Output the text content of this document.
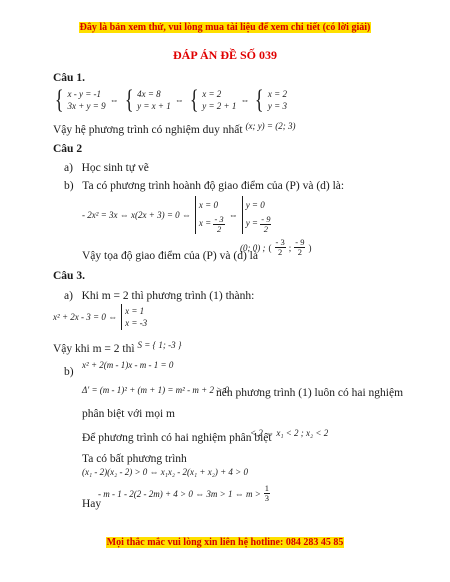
Đây là bản xem thử, vui lòng mua tài liệu để xem chi tiết (có lời giải)
ĐÁP ÁN ĐỀ SỐ 039
Câu 1.
{ x - y = -1
3x + y = 9
⇔ { 4x = 8
y = x + 1
⇔ { x = 2
y = 2 + 1
⇔ { x = 2
y = 3
Vậy hệ phương trình có nghiệm duy nhất $^{(x; y) = (2; 3)}$
Câu 2
a) Học sinh tự vẽ
b) Ta có phương trình hoành độ giao điểm của (P) và (d) là:
- 2x² = 3x ⇔ x(2x + 3) = 0 ⇔
x = 0
$x = \frac{- 3}{2}$ ⇔
y = 0
$y = \frac{- 9}{2}$
Vậy tọa độ giao điểm của (P) và (d) là
(0; 0) ; ( $\frac{- 3}{2}$ ; $\frac{- 9}{2}$ )
Câu 3.
a) Khi m = 2 thì phương trình (1) thành:
x² + 2x - 3 = 0 ⇔
x = 1
x = -3
Vậy khi m = 2 thì $^{S = \{ 1; -3 \}}$
b)
x² + 2(m - 1)x - m - 1 = 0
Δ' = (m - 1)² + (m + 1) = m² - m + 2 > 0
nên phương trình (1) luôn có hai nghiệm
phân biệt với mọi m
Để phương trình có hai nghiệm phân biệt
< 2 ⇔ x₁ < 2 ; x₂ < 2
Ta có bất phương trình
(x₁ - 2)(x₂ - 2) > 0 ⇔ x₁x₂ - 2(x₁ + x₂) + 4 > 0
- m - 1 - 2(2 - 2m) + 4 > 0 ⇔ 3m > 1 ⇔ $m > \frac{1}{3}$
Hay
Mọi thắc mắc vui lòng xin liên hệ hotline: 084 283 45 85
